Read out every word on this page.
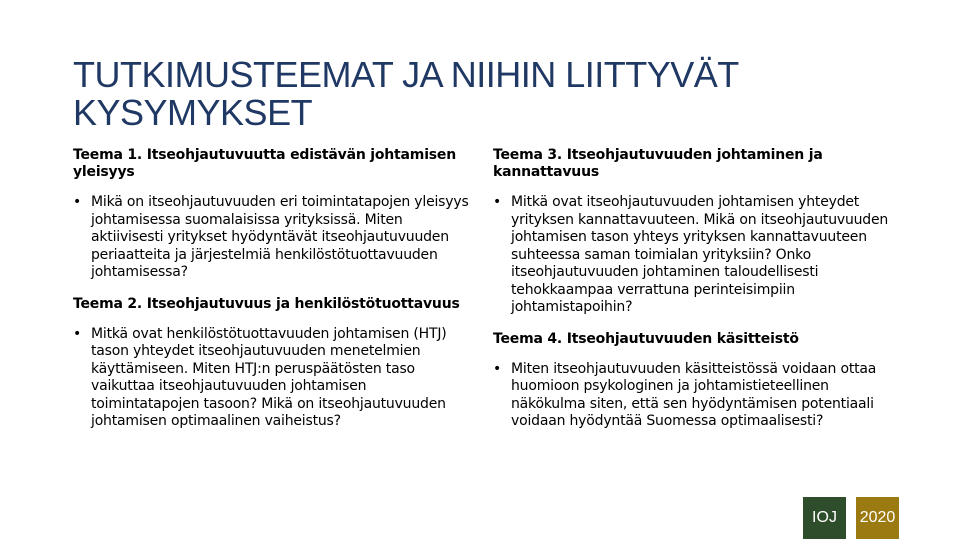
TUTKIMUSTEEMAT JA NIIHIN LIITTYVÄT KYSYMYKSET

Teema 1. Itseohjautuvuutta edistävän johtamisen yleisyys

• Mikä on itseohjautuvuuden eri toimintatapojen yleisyys johtamisessa suomalaisissa yrityksissä. Miten aktiivisesti yritykset hyödyntävät itseohjautuvuuden periaatteita ja järjestelmiä henkilöstötuottavuuden johtamisessa?

Teema 2. Itseohjautuvuus ja henkilöstötuottavuus

• Mitkä ovat henkilöstötuottavuuden johtamisen (HTJ) tason yhteydet itseohjautuvuuden menetelmien käyttämiseen. Miten HTJ:n peruspäätösten taso vaikuttaa itseohjautuvuuden johtamisen toimintatapojen tasoon? Mikä on itseohjautuvuuden johtamisen optimaalinen vaiheistus?

Teema 3. Itseohjautuvuuden johtaminen ja kannattavuus

• Mitkä ovat itseohjautuvuuden johtamisen yhteydet yrityksen kannattavuuteen. Mikä on itseohjautuvuuden johtamisen tason yhteys yrityksen kannattavuuteen suhteessa saman toimialan yrityksiin? Onko itseohjautuvuuden johtaminen taloudellisesti tehokkaampaa verrattuna perinteisimpiin johtamistapoihin?

Teema 4. Itseohjautuvuuden käsitteistö

• Miten itseohjautuvuuden käsitteistössä voidaan ottaa huomioon psykologinen ja johtamistieteellinen näkökulma siten, että sen hyödyntämisen potentiaali voidaan hyödyntää Suomessa optimaalisesti?

IOJ	2020
